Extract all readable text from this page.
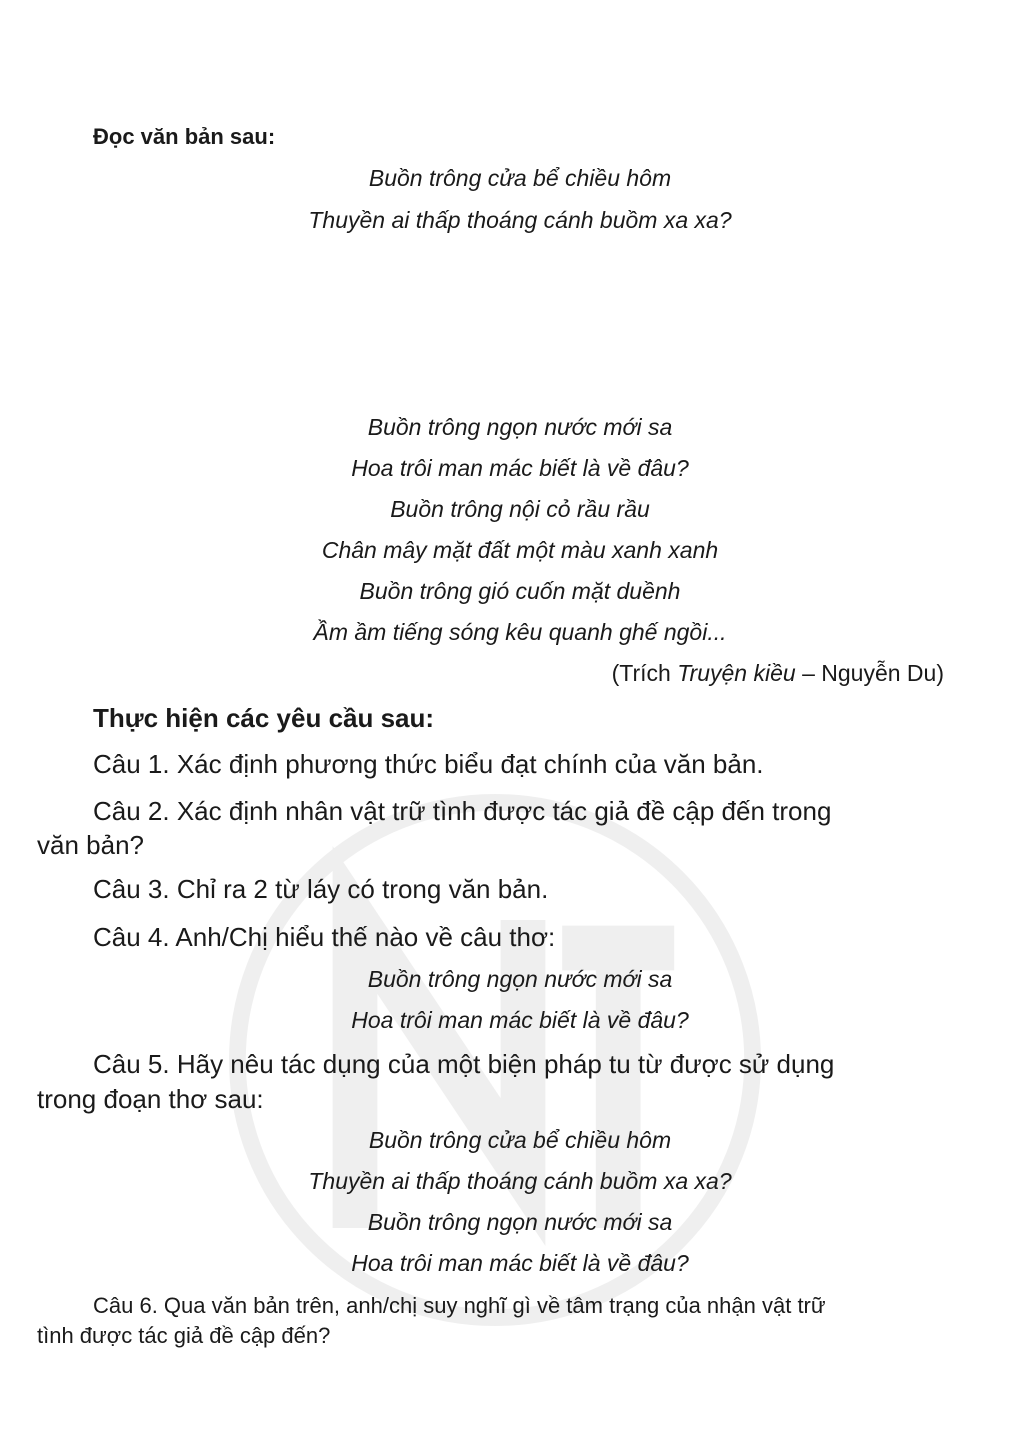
Đọc văn bản sau:
Buồn trông cửa bể chiều hôm
Thuyền ai thấp thoáng cánh buồm xa xa?
Buồn trông ngọn nước mới sa
Hoa trôi man mác biết là về đâu?
Buồn trông nội cỏ rầu rầu
Chân mây mặt đất một màu xanh xanh
Buồn trông gió cuốn mặt duềnh
Ầm ầm tiếng sóng kêu quanh ghế ngồi...
(Trích Truyện kiều – Nguyễn Du)
Thực hiện các yêu cầu sau:
Câu 1. Xác định phương thức biểu đạt chính của văn bản.
Câu 2. Xác định nhân vật trữ tình được tác giả đề cập đến trong
văn bản?
Câu 3. Chỉ ra 2 từ láy có trong văn bản.
Câu 4. Anh/Chị hiểu thế nào về câu thơ:
Buồn trông ngọn nước mới sa
Hoa trôi man mác biết là về đâu?
Câu 5. Hãy nêu tác dụng của một biện pháp tu từ được sử dụng
trong đoạn thơ sau:
Buồn trông cửa bể chiều hôm
Thuyền ai thấp thoáng cánh buồm xa xa?
Buồn trông ngọn nước mới sa
Hoa trôi man mác biết là về đâu?
Câu 6. Qua văn bản trên, anh/chị suy nghĩ gì về tâm trạng của nhận vật trữ
tình được tác giả đề cập đến?
